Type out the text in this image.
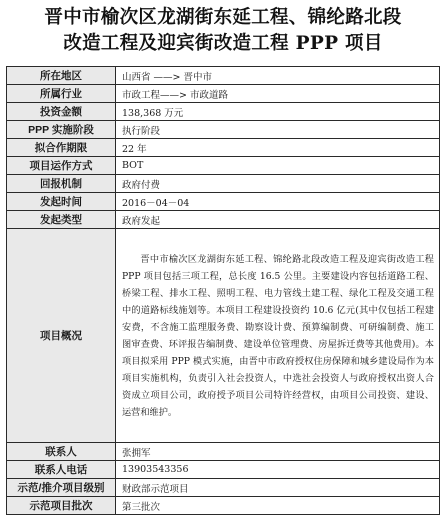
晋中市榆次区龙湖街东延工程、锦纶路北段
改造工程及迎宾街改造工程 PPP 项目
所在地区	山西省 ——> 晋中市
所属行业	市政工程——> 市政道路
投资金额	138,368 万元
PPP 实施阶段	执行阶段
拟合作期限	22 年
项目运作方式	BOT
回报机制	政府付费
发起时间	2016－04－04
发起类型	政府发起
项目概况	晋中市榆次区龙湖街东延工程、锦纶路北段改造工程及迎宾街改造工程 PPP 项目包括三项工程，总长度 16.5 公里。主要建设内容包括道路工程、桥梁工程、排水工程、照明工程、电力管线土建工程、绿化工程及交通工程中的道路标线施划等。本项目工程建设投资约 10.6 亿元(其中仅包括工程建安费，不含施工监理服务费、勘察设计费、预算编制费、可研编制费、施工图审查费、环评报告编制费、建设单位管理费、房屋拆迁费等其他费用)。本项目拟采用 PPP 模式实施，由晋中市政府授权住房保障和城乡建设局作为本项目实施机构，负责引入社会投资人，中选社会投资人与政府授权出资人合资成立项目公司，政府授予项目公司特许经营权，由项目公司投资、建设、运营和维护。
联系人	张拥军
联系人电话	13903543356
示范/推介项目级别	财政部示范项目
示范项目批次	第三批次
